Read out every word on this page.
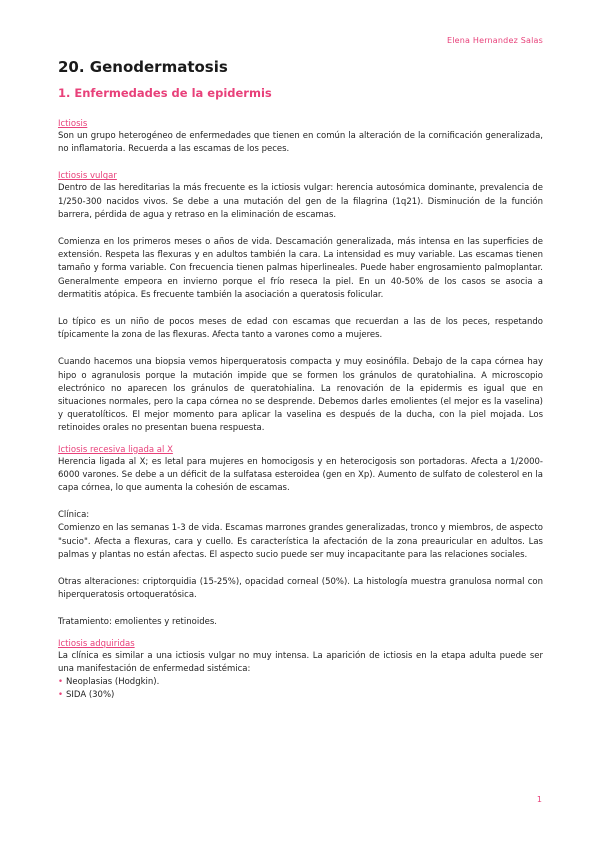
Elena Hernandez Salas
20. Genodermatosis
1. Enfermedades de la epidermis
Ictiosis

Son un grupo heterogéneo de enfermedades que tienen en común la alteración de la cornificación generalizada, no inflamatoria. Recuerda a las escamas de los peces.

Ictiosis vulgar

Dentro de las hereditarias la más frecuente es la ictiosis vulgar: herencia autosómica dominante, prevalencia de 1/250-300 nacidos vivos. Se debe a una mutación del gen de la filagrina (1q21). Disminución de la función barrera, pérdida de agua y retraso en la eliminación de escamas.

Comienza en los primeros meses o años de vida. Descamación generalizada, más intensa en las superficies de extensión. Respeta las flexuras y en adultos también la cara. La intensidad es muy variable. Las escamas tienen tamaño y forma variable. Con frecuencia tienen palmas hiperlineales. Puede haber engrosamiento palmoplantar. Generalmente empeora en invierno porque el frío reseca la piel. En un 40-50% de los casos se asocia a dermatitis atópica. Es frecuente también la asociación a queratosis folicular.

Lo típico es un niño de pocos meses de edad con escamas que recuerdan a las de los peces, respetando típicamente la zona de las flexuras. Afecta tanto a varones como a mujeres.

Cuando hacemos una biopsia vemos hiperqueratosis compacta y muy eosinófila. Debajo de la capa córnea hay hipo o agranulosis porque la mutación impide que se formen los gránulos de quratohialina. A microscopio electrónico no aparecen los gránulos de queratohialina. La renovación de la epidermis es igual que en situaciones normales, pero la capa córnea no se desprende. Debemos darles emolientes (el mejor es la vaselina) y queratolíticos. El mejor momento para aplicar la vaselina es después de la ducha, con la piel mojada. Los retinoides orales no presentan buena respuesta.

Ictiosis recesiva ligada al X

Herencia ligada al X; es letal para mujeres en homocigosis y en heterocigosis son portadoras. Afecta a 1/2000-6000 varones. Se debe a un déficit de la sulfatasa esteroidea (gen en Xp). Aumento de sulfato de colesterol en la capa córnea, lo que aumenta la cohesión de escamas.

Clínica:

Comienzo en las semanas 1-3 de vida. Escamas marrones grandes generalizadas, tronco y miembros, de aspecto "sucio". Afecta a flexuras, cara y cuello. Es característica la afectación de la zona preauricular en adultos. Las palmas y plantas no están afectas. El aspecto sucio puede ser muy incapacitante para las relaciones sociales.

Otras alteraciones: criptorquidia (15-25%), opacidad corneal (50%). La histología muestra granulosa normal con hiperqueratosis ortoqueratósica.

Tratamiento: emolientes y retinoides.

Ictiosis adquiridas

La clínica es similar a una ictiosis vulgar no muy intensa. La aparición de ictiosis en la etapa adulta puede ser una manifestación de enfermedad sistémica:

• Neoplasias (Hodgkin).
• SIDA (30%)
1
